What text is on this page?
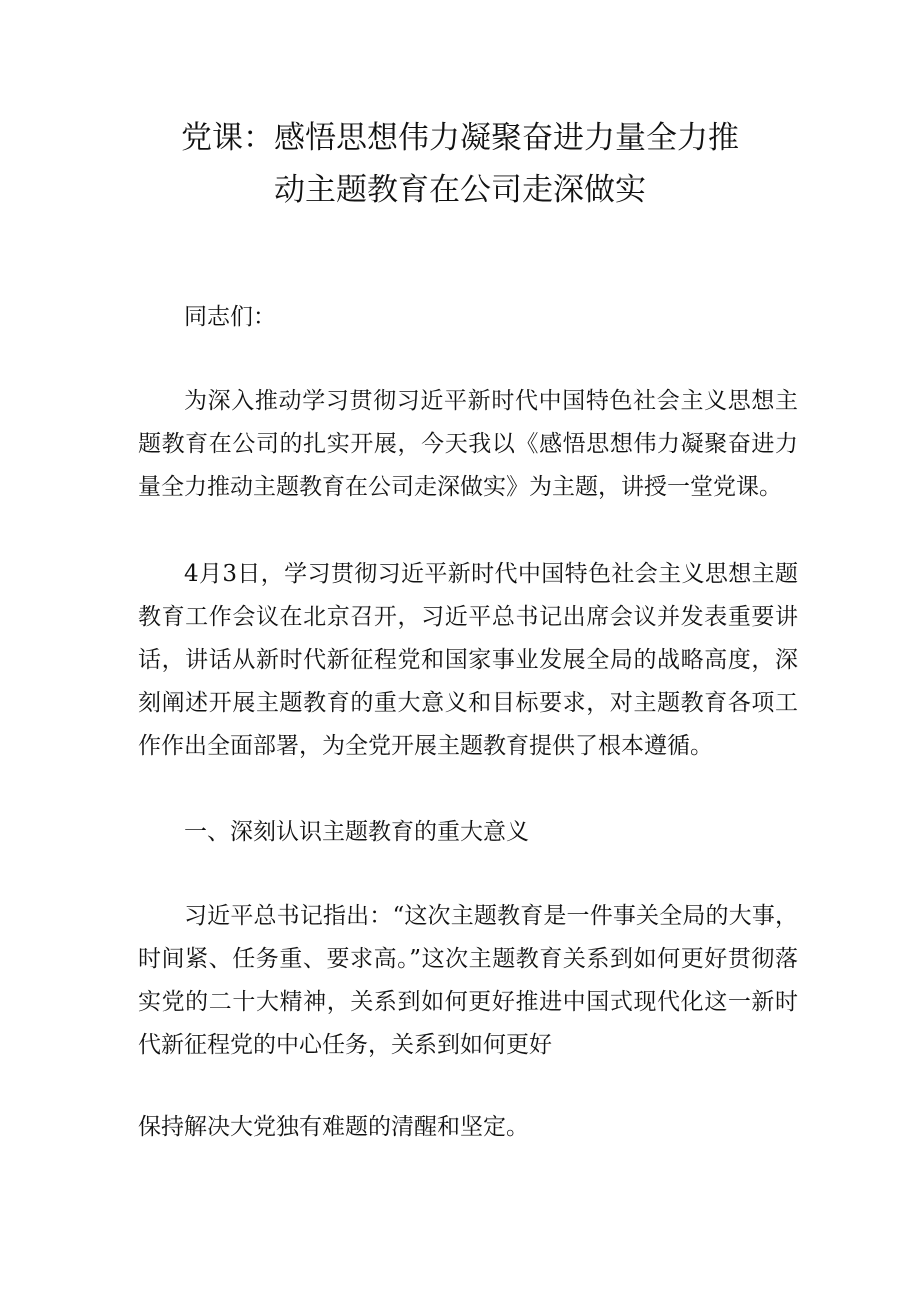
党课：感悟思想伟力凝聚奋进力量全力推
动主题教育在公司走深做实

同志们：

为深入推动学习贯彻习近平新时代中国特色社会主义思想主题教育在公司的扎实开展，今天我以《感悟思想伟力凝聚奋进力量全力推动主题教育在公司走深做实》为主题，讲授一堂党课。

4月3日，学习贯彻习近平新时代中国特色社会主义思想主题教育工作会议在北京召开，习近平总书记出席会议并发表重要讲话，讲话从新时代新征程党和国家事业发展全局的战略高度，深刻阐述开展主题教育的重大意义和目标要求，对主题教育各项工作作出全面部署，为全党开展主题教育提供了根本遵循。

一、深刻认识主题教育的重大意义

习近平总书记指出：“这次主题教育是一件事关全局的大事，时间紧、任务重、要求高。”这次主题教育关系到如何更好贯彻落实党的二十大精神，关系到如何更好推进中国式现代化这一新时代新征程党的中心任务，关系到如何更好

保持解决大党独有难题的清醒和坚定。
